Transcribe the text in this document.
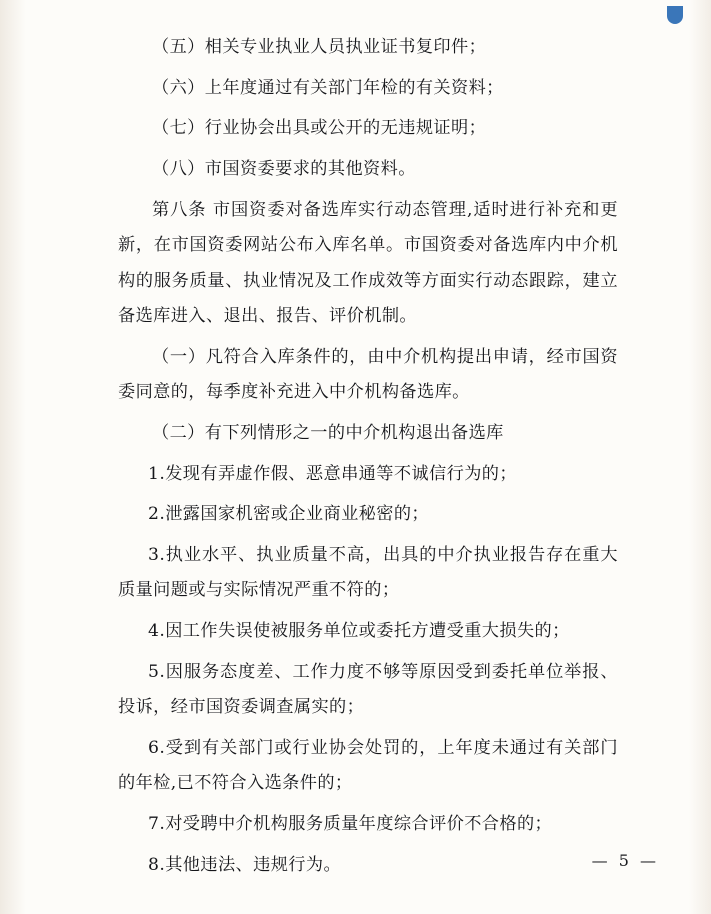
（五）相关专业执业人员执业证书复印件；

（六）上年度通过有关部门年检的有关资料；

（七）行业协会出具或公开的无违规证明；

（八）市国资委要求的其他资料。

第八条 市国资委对备选库实行动态管理,适时进行补充和更新，在市国资委网站公布入库名单。市国资委对备选库内中介机构的服务质量、执业情况及工作成效等方面实行动态跟踪，建立备选库进入、退出、报告、评价机制。

（一）凡符合入库条件的，由中介机构提出申请，经市国资委同意的，每季度补充进入中介机构备选库。

（二）有下列情形之一的中介机构退出备选库

1.发现有弄虚作假、恶意串通等不诚信行为的；

2.泄露国家机密或企业商业秘密的；

3.执业水平、执业质量不高，出具的中介执业报告存在重大质量问题或与实际情况严重不符的；

4.因工作失误使被服务单位或委托方遭受重大损失的；

5.因服务态度差、工作力度不够等原因受到委托单位举报、投诉，经市国资委调查属实的；

6.受到有关部门或行业协会处罚的，上年度未通过有关部门的年检,已不符合入选条件的；

7.对受聘中介机构服务质量年度综合评价不合格的；

8.其他违法、违规行为。	— 5 —
